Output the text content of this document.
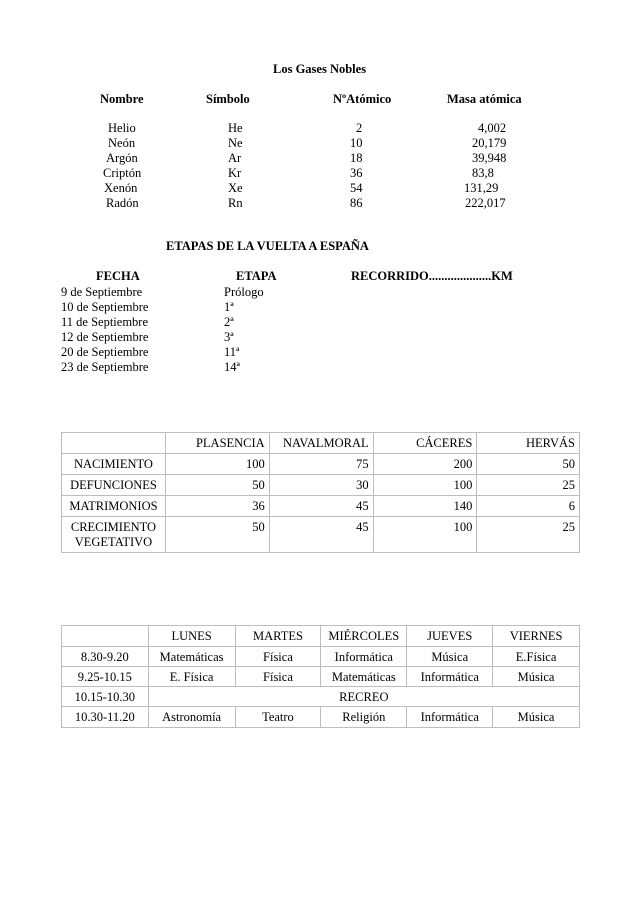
Los Gases Nobles
Nombre	Símbolo	NºAtómico	Masa atómica
Helio	He	2	4,002
Neón	Ne	10	20,179
Argón	Ar	18	39,948
Criptón	Kr	36	83,8
Xenón	Xe	54	131,29
Radón	Rn	86	222,017
ETAPAS DE LA VUELTA A ESPAÑA
FECHA	ETAPA	RECORRIDO....................KM
9 de Septiembre	Prólogo
10 de Septiembre	1ª
11 de Septiembre	2ª
12 de Septiembre	3ª
20 de Septiembre	11ª
23 de Septiembre	14ª
	PLASENCIA	NAVALMORAL	CÁCERES	HERVÁS
NACIMIENTO	100	75	200	50
DEFUNCIONES	50	30	100	25
MATRIMONIOS	36	45	140	6
CRECIMIENTO VEGETATIVO	50	45	100	25
	LUNES	MARTES	MIÉRCOLES	JUEVES	VIERNES
8.30-9.20	Matemáticas	Física	Informática	Música	E.Física
9.25-10.15	E. Física	Física	Matemáticas	Informática	Música
10.15-10.30	RECREO				
10.30-11.20	Astronomía	Teatro	Religión	Informática	Música
